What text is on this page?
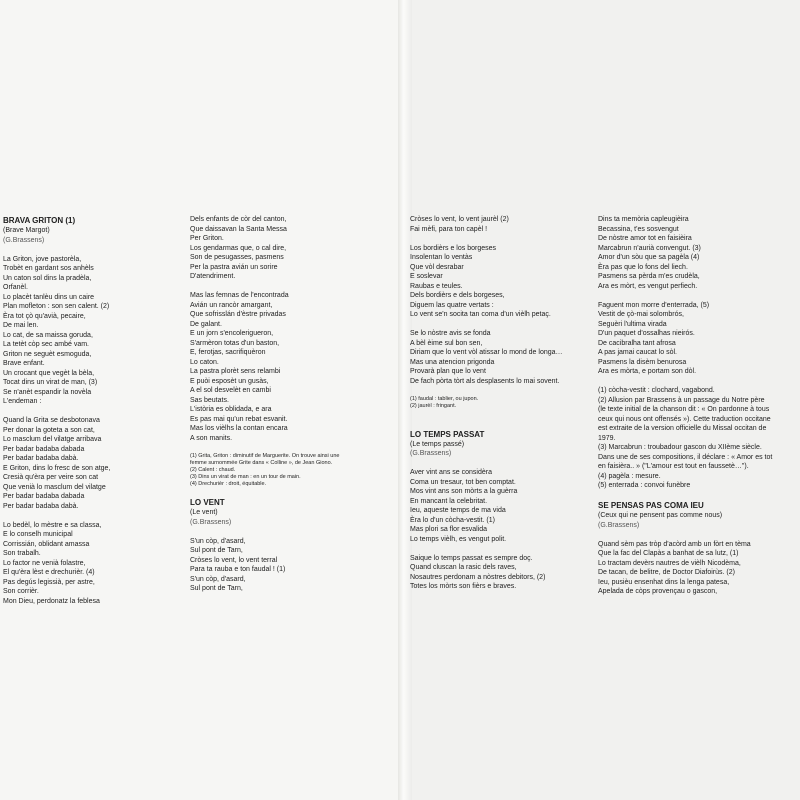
BRAVA GRITON (1)
(Brave Margot)
(G.Brassens)
La Griton, jove pastorèla,
Trobèt en gardant sos anhèls
Un caton sol dins la pradèla,
Orfanèl.
Lo placèt tanlèu dins un caire
Plan mofleton : son sen calent. (2)
Èra tot çò qu'avià, pecaire,
De mai len.
Lo cat, de sa maissa goruda,
La tetèt còp sec ambé vam.
Griton ne seguèt esmoguda,
Brave enfant.
Un crocant que vegèt la bèla,
Tocat dins un virat de man, (3)
Se n'anèt espandir la novèla
L'endeman :
Quand la Grita se desbotonava
Per donar la goteta a son cat,
Lo masclum del vilatge arribava
Per badar badaba dabada
Per badar badaba dabà.
E Griton, dins lo fresc de son atge,
Cresià qu'èra per veire son cat
Que venià lo masclum del vilatge
Per badar badaba dabada
Per badar badaba dabà.
Lo bedèl, lo mèstre e sa classa,
E lo conselh municipal
Corrissián, oblidant amassa
Son trabalh.
Lo factor ne venià folastre,
El qu'èra lèst e drechurièr. (4)
Pas degús legissià, per astre,
Son corrièr.
Mon Dieu, perdonatz la feblesa
Dels enfants de còr del canton,
Que daissavan la Santa Messa
Per Griton.
Los gendarmas que, o cal dire,
Son de pesugasses, pasmens
Per la pastra avián un sorire
D'atendriment.
Mas las femnas de l'encontrada
Avián un rancòr amargant,
Que sofrisslán d'èstre privadas
De galant.
E un jorn s'encolerigueron,
S'armèron totas d'un baston,
E, ferotjas, sacrifiquèron
Lo caton.
La pastra plorèt sens relambi
E puòi esposèt un gusàs,
A el sol desvelèt en cambi
Sas beutats.
L'istòria es oblidada, e ara
Es pas mai qu'un rebat esvanit.
Mas los vièlhs la contan encara
A son manits.
(1) Grita, Griton : diminutif de Marguerite. On trouve ainsi une
femme surnommée Grite dans « Colline », de Jean Giono.
(2) Calent : chaud.
(3) Dins un virat de man : en un tour de main.
(4) Drechurièr : droit, équitable.
LO VENT
(Le vent)
(G.Brassens)
S'un còp, d'asard,
Sul pont de Tarn,
Cròses lo vent, lo vent terral
Para ta rauba e ton faudal ! (1)
S'un còp, d'asard,
Sul pont de Tarn,
Cròses lo vent, lo vent jaurèl (2)
Fai mèfi, para ton capèl !
Los bordièrs e los borgeses
Insolentan lo ventàs
Que vòl desrabar
E soslevar
Raubas e teules.
Dels bordièrs e dels borgeses,
Diguem las quatre vertats :
Lo vent se'n socita tan coma d'un vièlh petaç.
Se lo nòstre avis se fonda
A bèl èime sul bon sen,
Diriam que lo vent vòl atissar lo mond de longa…
Mas una atencion prigonda
Provarà plan que lo vent
De fach pòrta tòrt als desplasents lo mai sovent.
(1) faudal : tablier, ou jupon.
(2) jaurèl : fringant.
LO TEMPS PASSAT
(Le temps passé)
(G.Brassens)
Aver vint ans se considèra
Coma un tresaur, tot ben comptat.
Mos vint ans son mòrts a la guèrra
En mancant la celebritat.
Ieu, aqueste temps de ma vida
Èra lo d'un còcha-vestit. (1)
Mas plori sa flor esvalida
Lo temps vièlh, es vengut polit.
Saique lo temps passat es sempre doç.
Quand cluscan la rasic dels raves,
Nosautres perdonam a nòstres debitors, (2)
Totes los mòrts son fièrs e braves.
Dins ta memòria capleugièira
Becassina, t'es sosvengut
De nòstre amor tot en faisièira
Marcabrun n'aurià convengut. (3)
Amor d'un sòu que sa pagèla (4)
Èra pas que lo fons del liech.
Pasmens sa pèrda m'es crudèla,
Ara es mòrt, es vengut perfiech.
Faguent mon morre d'enterrada, (5)
Vestit de çò-mai solombrós,
Seguèri l'ultima virada
D'un paquet d'ossalhas nieirós.
De cacibralha tant afrosa
A pas jamai caucat lo sòl.
Pasmens la disèm benurosa
Ara es mòrta, e portam son dòl.
(1) còcha-vestit : clochard, vagabond.
(2) Allusion par Brassens à un passage du Notre père
(le texte initial de la chanson dit : « On pardonne à tous
ceux qui nous ont offensés »). Cette traduction occitane
est extraite de la version officielle du Missal occitan de
1979.
(3) Marcabrun : troubadour gascon du XIIème siècle.
Dans une de ses compositions, il déclare : « Amor es tot
en faisièra.. » ("L'amour est tout en faussetè…").
(4) pagèla : mesure.
(5) enterrada : convoi funèbre
SE PENSAS PAS COMA IEU
(Ceux qui ne pensent pas comme nous)
(G.Brassens)
Quand sèm pas tròp d'acòrd amb un fòrt en tèma
Que la fac del Clapàs a banhat de sa lutz, (1)
Lo tractam devèrs nautres de vièlh Nicodèma,
De tacan, de belitre, de Doctor Diafoirùs. (2)
Ieu, pusièu ensenhat dins la lenga patesa,
Apelada de còps provençau o gascon,
